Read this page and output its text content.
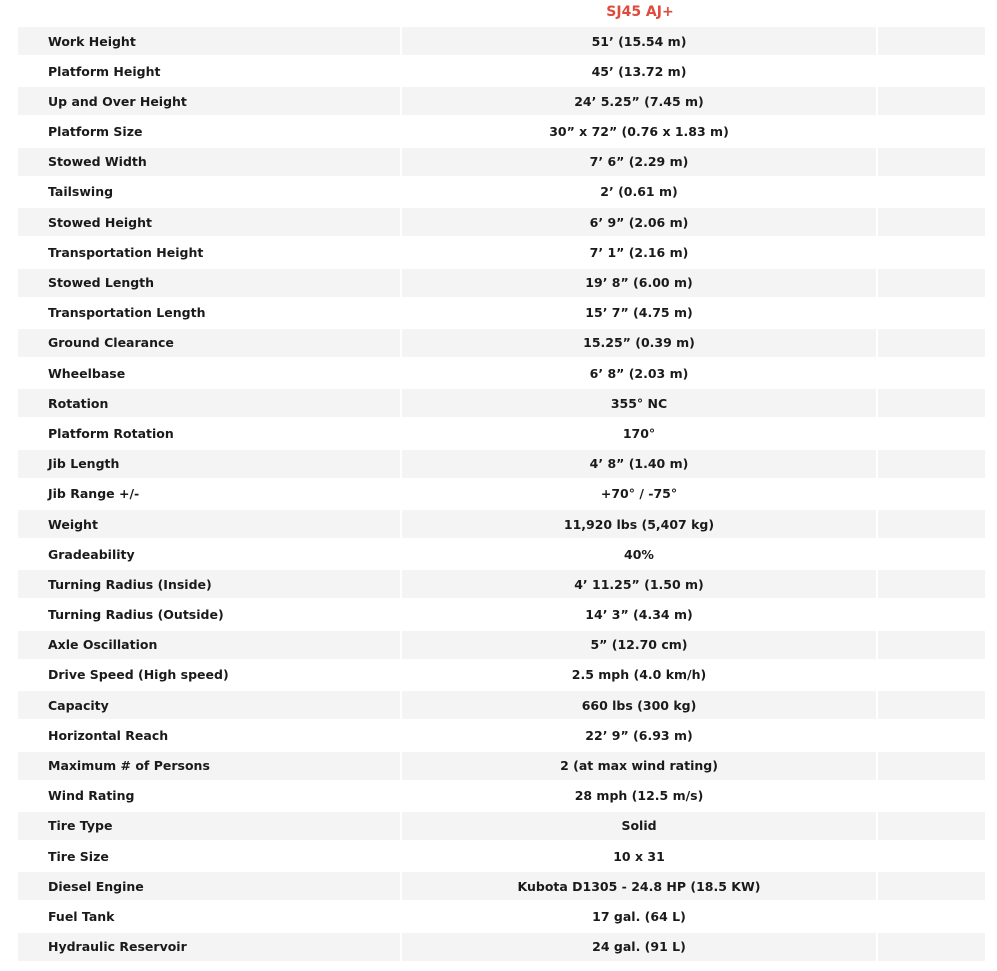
SJ45 AJ+
Work Height	51’ (15.54 m)
Platform Height	45’ (13.72 m)
Up and Over Height	24’ 5.25” (7.45 m)
Platform Size	30” x 72” (0.76 x 1.83 m)
Stowed Width	7’ 6” (2.29 m)
Tailswing	2’ (0.61 m)
Stowed Height	6’ 9” (2.06 m)
Transportation Height	7’ 1” (2.16 m)
Stowed Length	19’ 8” (6.00 m)
Transportation Length	15’ 7” (4.75 m)
Ground Clearance	15.25” (0.39 m)
Wheelbase	6’ 8” (2.03 m)
Rotation	355° NC
Platform Rotation	170°
Jib Length	4’ 8” (1.40 m)
Jib Range +/-	+70° / -75°
Weight	11,920 lbs (5,407 kg)
Gradeability	40%
Turning Radius (Inside)	4’ 11.25” (1.50 m)
Turning Radius (Outside)	14’ 3” (4.34 m)
Axle Oscillation	5” (12.70 cm)
Drive Speed (High speed)	2.5 mph (4.0 km/h)
Capacity	660 lbs (300 kg)
Horizontal Reach	22’ 9” (6.93 m)
Maximum # of Persons	2 (at max wind rating)
Wind Rating	28 mph (12.5 m/s)
Tire Type	Solid
Tire Size	10 x 31
Diesel Engine	Kubota D1305 - 24.8 HP (18.5 KW)
Fuel Tank	17 gal. (64 L)
Hydraulic Reservoir	24 gal. (91 L)
